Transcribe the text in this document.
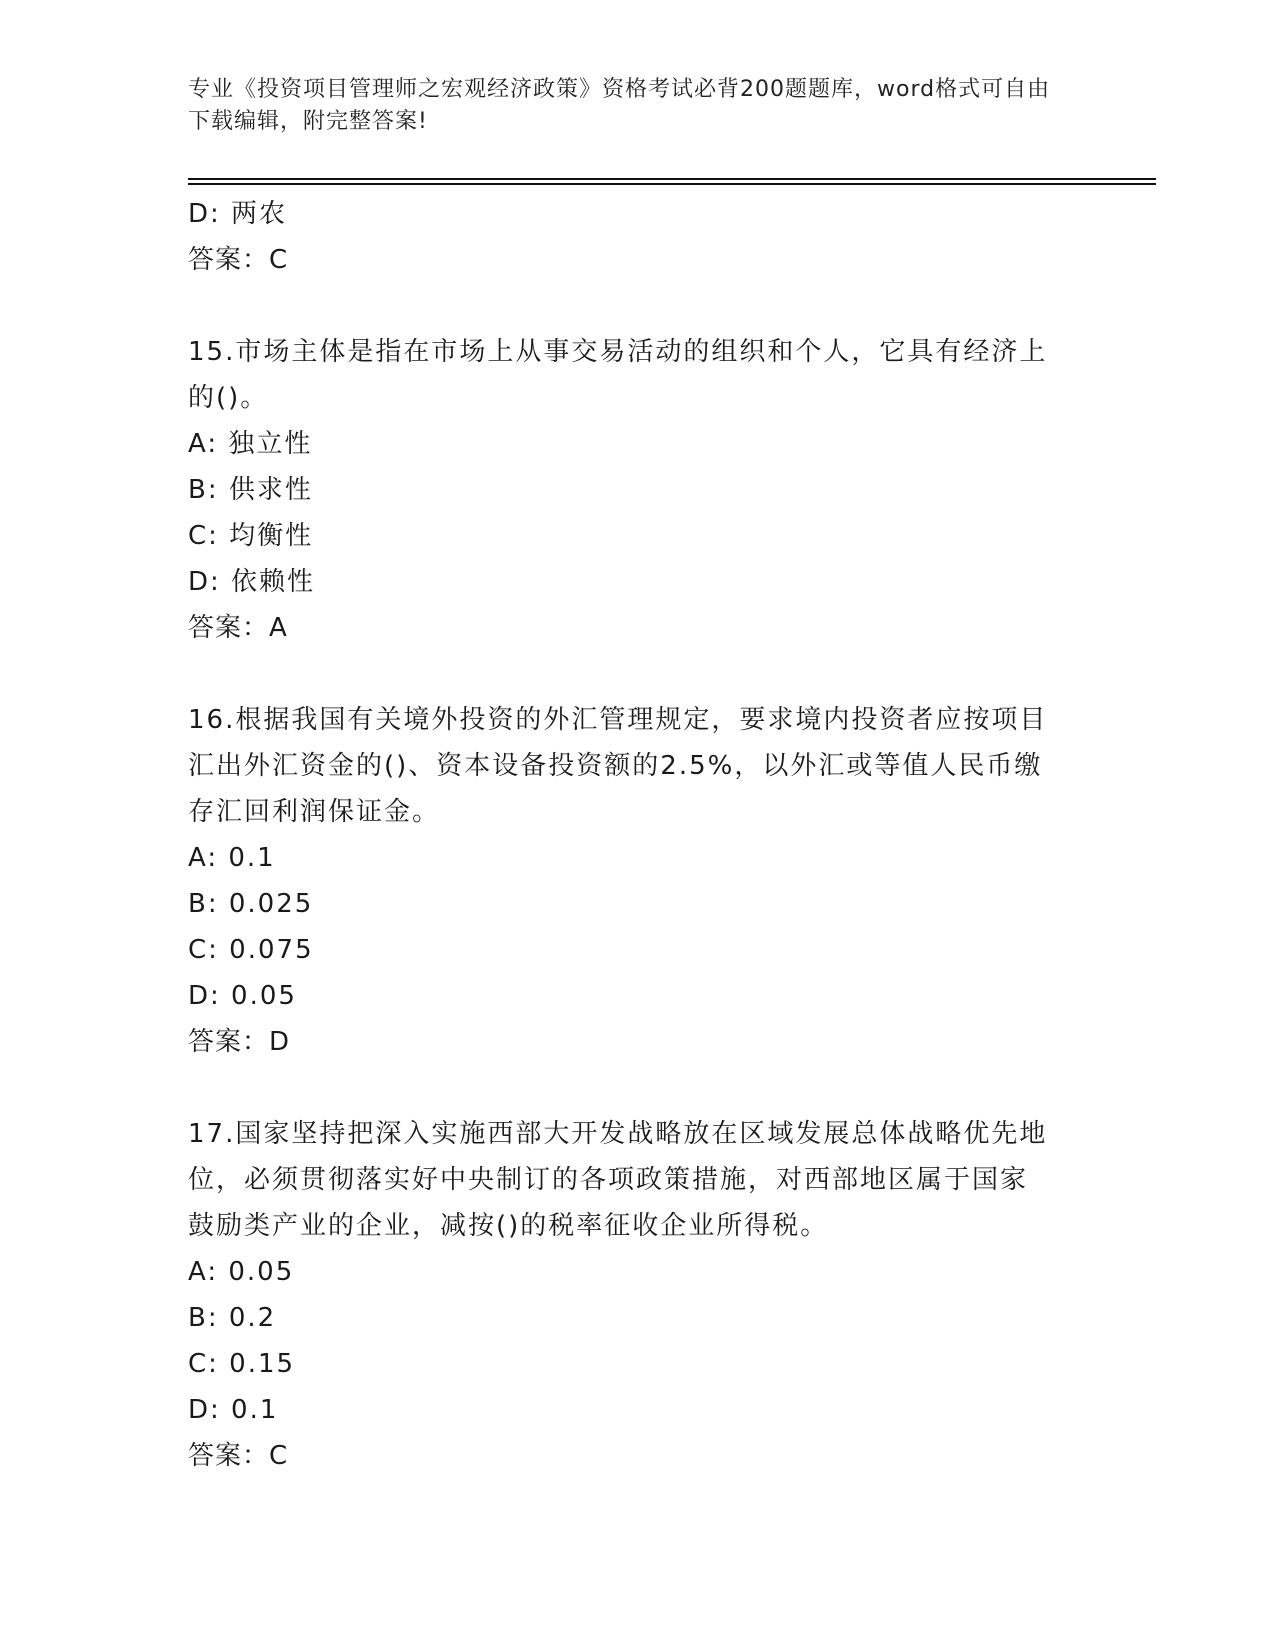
专业《投资项目管理师之宏观经济政策》资格考试必背200题题库，word格式可自由下载编辑，附完整答案!
D: 两农
答案：C
15.市场主体是指在市场上从事交易活动的组织和个人，它具有经济上
的()。
A: 独立性
B: 供求性
C: 均衡性
D: 依赖性
答案：A
16.根据我国有关境外投资的外汇管理规定，要求境内投资者应按项目
汇出外汇资金的()、资本设备投资额的2.5%，以外汇或等值人民币缴
存汇回利润保证金。
A: 0.1
B: 0.025
C: 0.075
D: 0.05
答案：D
17.国家坚持把深入实施西部大开发战略放在区域发展总体战略优先地
位，必须贯彻落实好中央制订的各项政策措施，对西部地区属于国家
鼓励类产业的企业，减按()的税率征收企业所得税。
A: 0.05
B: 0.2
C: 0.15
D: 0.1
答案：C
